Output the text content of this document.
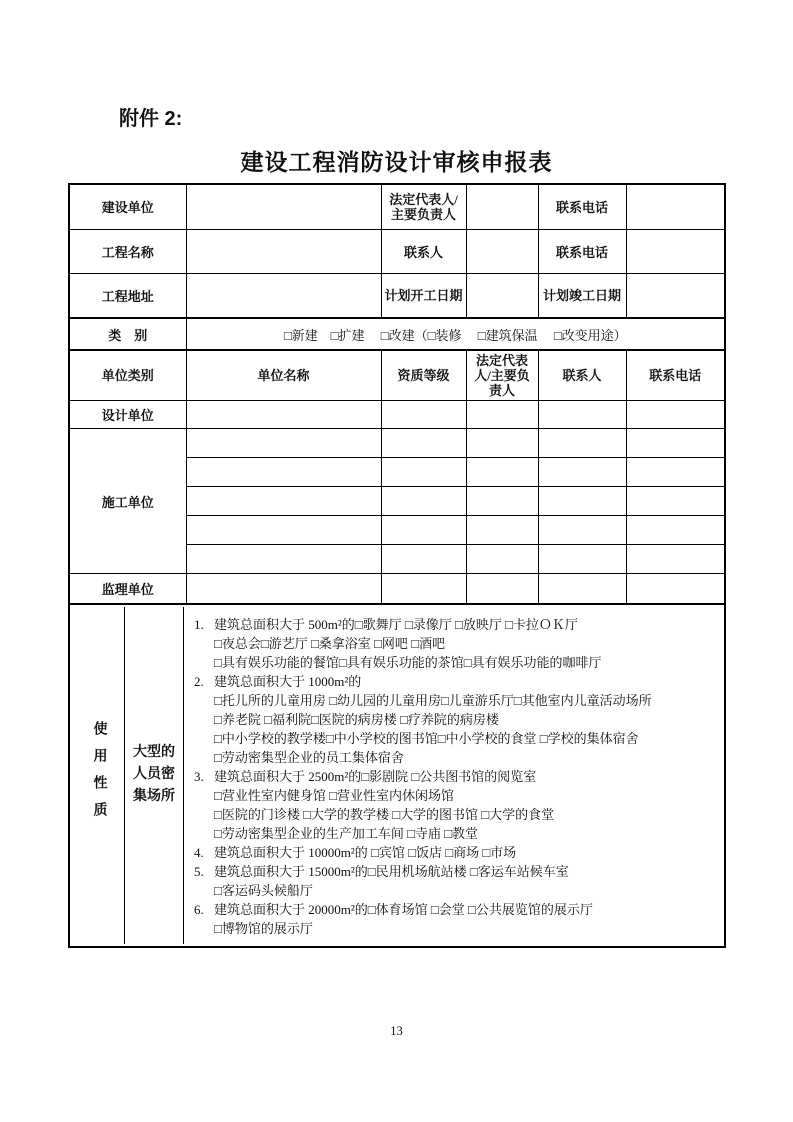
附件 2:
建设工程消防设计审核申报表
建设单位		法定代表人/主要负责人		联系电话	
工程名称		联系人		联系电话	
工程地址		计划开工日期		计划竣工日期	
类　别	□新建　□扩建　 □改建（□装修 　□建筑保温 　□改变用途）				
单位类别	单位名称	资质等级	法定代表人/主要负责人	联系人	联系电话
设计单位					
施工单位					

监理单位					

使用性质	大型的人员密集场所
1. 建筑总面积大于 500m²的□歌舞厅 □录像厅 □放映厅 □卡拉ＯＫ厅
□夜总会□游艺厅 □桑拿浴室 □网吧 □酒吧
□具有娱乐功能的餐馆□具有娱乐功能的茶馆□具有娱乐功能的咖啡厅
2. 建筑总面积大于 1000m²的
□托儿所的儿童用房 □幼儿园的儿童用房□儿童游乐厅□其他室内儿童活动场所
□养老院 □福利院□医院的病房楼 □疗养院的病房楼
□中小学校的教学楼□中小学校的图书馆□中小学校的食堂 □学校的集体宿舍
□劳动密集型企业的员工集体宿舍
3. 建筑总面积大于 2500m²的□影剧院 □公共图书馆的阅览室
□营业性室内健身馆 □营业性室内休闲场馆
□医院的门诊楼 □大学的教学楼 □大学的图书馆 □大学的食堂
□劳动密集型企业的生产加工车间 □寺庙 □教堂
4. 建筑总面积大于 10000m²的 □宾馆 □饭店 □商场 □市场
5. 建筑总面积大于 15000m²的□民用机场航站楼 □客运车站候车室
□客运码头候船厅
6. 建筑总面积大于 20000m²的□体育场馆 □会堂 □公共展览馆的展示厅
□博物馆的展示厅
13
